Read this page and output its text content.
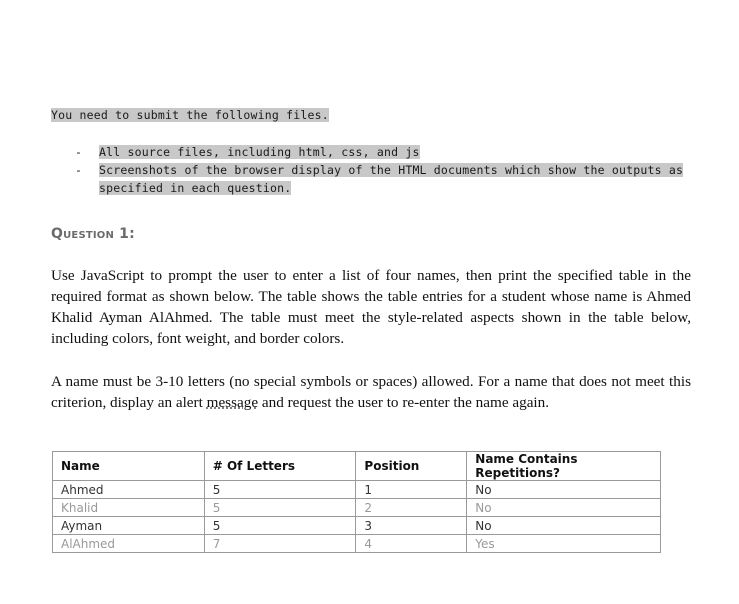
You need to submit the following files.

- All source files, including html, css, and js
- Screenshots of the browser display of the HTML documents which show the outputs as specified in each question.
Question 1:

Use JavaScript to prompt the user to enter a list of four names, then print the specified table in the required format as shown below. The table shows the table entries for a student whose name is Ahmed Khalid Ayman AlAhmed. The table must meet the style-related aspects shown in the table below, including colors, font weight, and border colors.

A name must be 3-10 letters (no special symbols or spaces) allowed. For a name that does not meet this criterion, display an alert message and request the user to re-enter the name again.

Name	# Of Letters	Position	Name Contains Repetitions?
Ahmed	5	1	No
Khalid	5	2	No
Ayman	5	3	No
AlAhmed	7	4	Yes
